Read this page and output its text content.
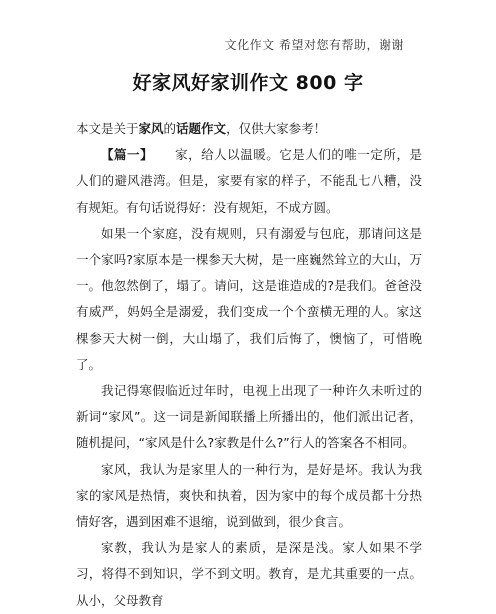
文化作文 希望对您有帮助，谢谢
好家风好家训作文 800 字

本文是关于家风的话题作文，仅供大家参考！

【篇一】 家，给人以温暖。它是人们的唯一定所，是人们的避风港湾。但是，家要有家的样子，不能乱七八糟，没有规矩。有句话说得好：没有规矩，不成方圆。

如果一个家庭，没有规则，只有溺爱与包庇，那请问这是一个家吗?家原本是一棵参天大树，是一座巍然耸立的大山，万一。他忽然倒了，塌了。请问，这是谁造成的?是我们。爸爸没有威严，妈妈全是溺爱，我们变成一个个蛮横无理的人。家这棵参天大树一倒，大山塌了，我们后悔了，懊恼了，可惜晚了。

我记得寒假临近过年时，电视上出现了一种许久未听过的新词“家风”。这一词是新闻联播上所播出的，他们派出记者，随机提问，“家风是什么?家教是什么?”行人的答案各不相同。

家风，我认为是家里人的一种行为，是好是坏。我认为我家的家风是热情，爽快和执着，因为家中的每个成员都十分热情好客，遇到困难不退缩，说到做到，很少食言。

家教，我认为是家人的素质，是深是浅。家人如果不学习，将得不到知识，学不到文明。教育，是尤其重要的一点。从小，父母教育
